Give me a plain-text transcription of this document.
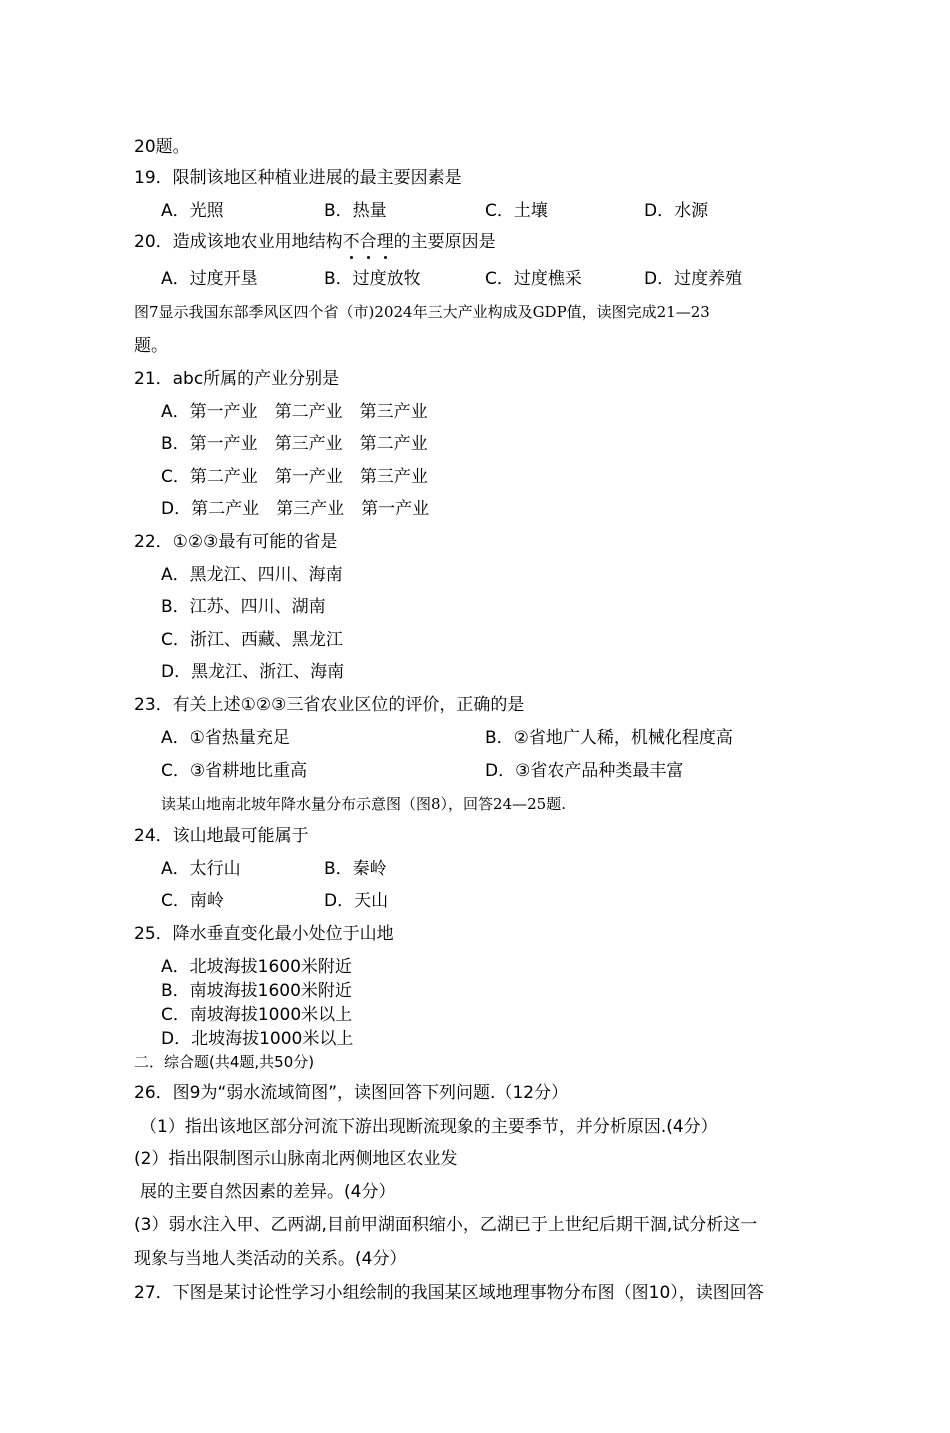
20题。
19．限制该地区种植业进展的最主要因素是
A．光照	B．热量	C．土壤	D．水源
20．造成该地农业用地结构不合理的主要原因是
A．过度开垦	B．过度放牧	C．过度樵采	D．过度养殖
图7显示我国东部季风区四个省（市)2024年三大产业构成及GDP值，读图完成21—23
题。
21．abc所属的产业分别是
A．第一产业　第二产业　第三产业
B．第一产业　第三产业　第二产业
C．第二产业　第一产业　第三产业
D．第二产业　第三产业　第一产业
22．①②③最有可能的省是
A．黑龙江、四川、海南
B．江苏、四川、湖南
C．浙江、西藏、黑龙江
D．黑龙江、浙江、海南
23．有关上述①②③三省农业区位的评价，正确的是
A．①省热量充足	B．②省地广人稀，机械化程度高
C．③省耕地比重高	D．③省农产品种类最丰富
读某山地南北坡年降水量分布示意图（图8），回答24—25题.
24．该山地最可能属于
A．太行山	B．秦岭
C．南岭	D．天山
25．降水垂直变化最小处位于山地
A．北坡海拔1600米附近
B．南坡海拔1600米附近
C．南坡海拔1000米以上
D．北坡海拔1000米以上
二．综合题(共4题,共50分)
26．图9为“弱水流域简图”，读图回答下列问题.（12分）
（1）指出该地区部分河流下游出现断流现象的主要季节，并分析原因.(4分）
(2）指出限制图示山脉南北两侧地区农业发
展的主要自然因素的差异。(4分）
(3）弱水注入甲、乙两湖,目前甲湖面积缩小，乙湖已于上世纪后期干涸,试分析这一
现象与当地人类活动的关系。(4分）
27．下图是某讨论性学习小组绘制的我国某区域地理事物分布图（图10），读图回答
